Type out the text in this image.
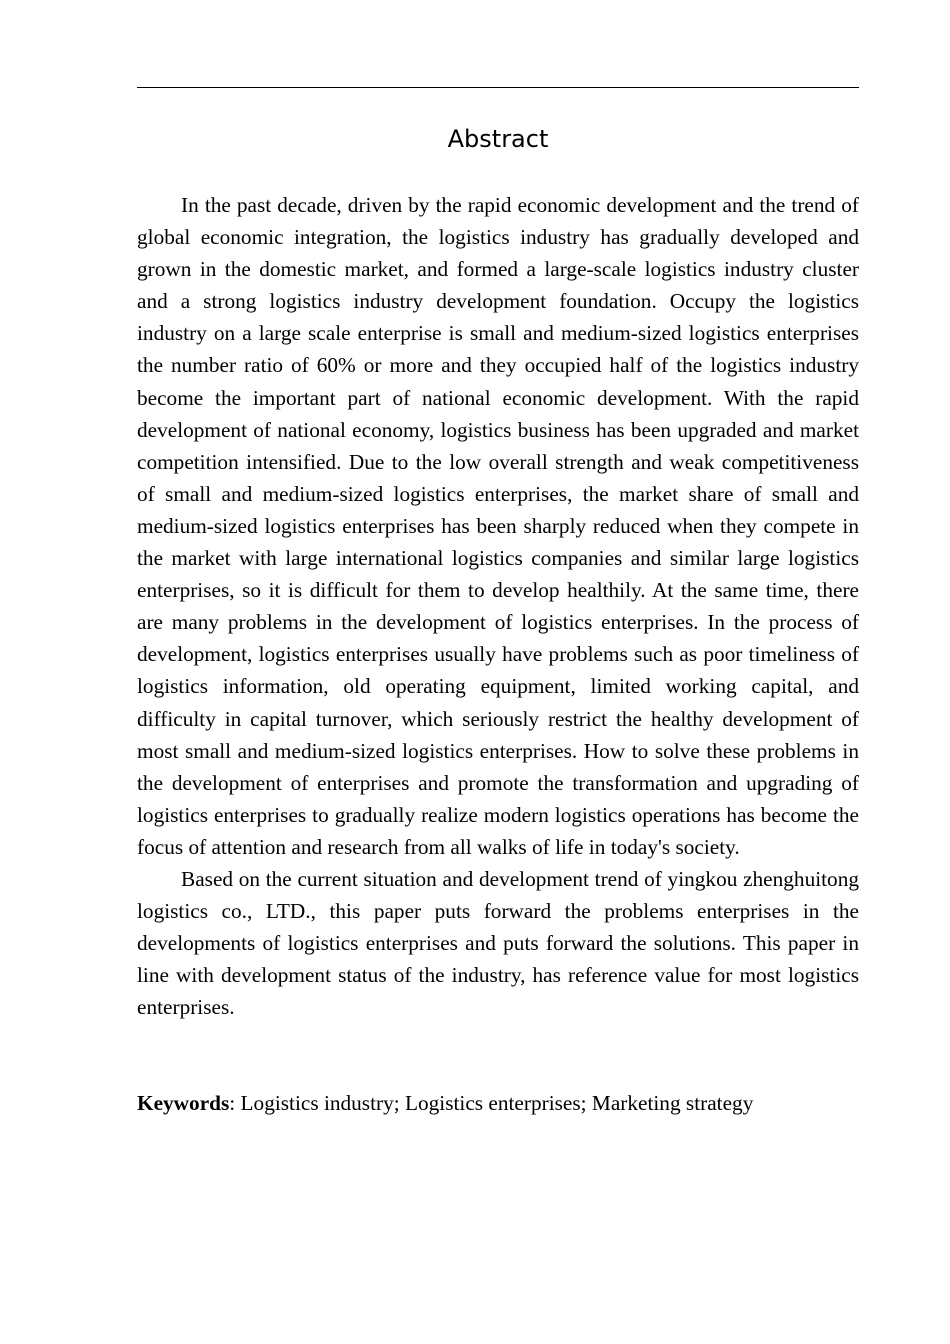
Abstract

In the past decade, driven by the rapid economic development and the trend of global economic integration, the logistics industry has gradually developed and grown in the domestic market, and formed a large-scale logistics industry cluster and a strong logistics industry development foundation. Occupy the logistics industry on a large scale enterprise is small and medium-sized logistics enterprises the number ratio of 60% or more and they occupied half of the logistics industry become the important part of national economic development. With the rapid development of national economy, logistics business has been upgraded and market competition intensified. Due to the low overall strength and weak competitiveness of small and medium-sized logistics enterprises, the market share of small and medium-sized logistics enterprises has been sharply reduced when they compete in the market with large international logistics companies and similar large logistics enterprises, so it is difficult for them to develop healthily. At the same time, there are many problems in the development of logistics enterprises. In the process of development, logistics enterprises usually have problems such as poor timeliness of logistics information, old operating equipment, limited working capital, and difficulty in capital turnover, which seriously restrict the healthy development of most small and medium-sized logistics enterprises. How to solve these problems in the development of enterprises and promote the transformation and upgrading of logistics enterprises to gradually realize modern logistics operations has become the focus of attention and research from all walks of life in today's society.

Based on the current situation and development trend of yingkou zhenghuitong logistics co., LTD., this paper puts forward the problems enterprises in the developments of logistics enterprises and puts forward the solutions. This paper in line with development status of the industry, has reference value for most logistics enterprises.

Keywords: Logistics industry; Logistics enterprises; Marketing strategy
